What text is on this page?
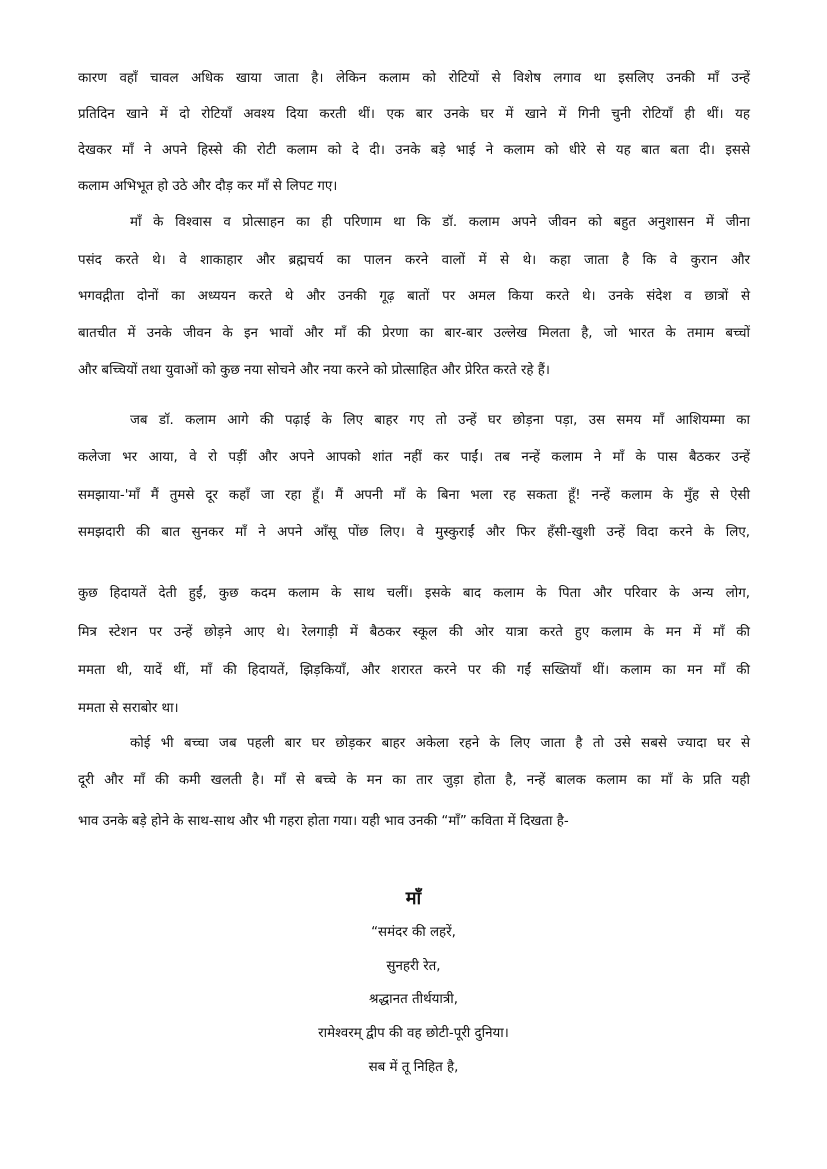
कारण वहाँ चावल अधिक खाया जाता है। लेकिन कलाम को रोटियों से विशेष लगाव था इसलिए उनकी माँ उन्हें
प्रतिदिन खाने में दो रोटियाँ अवश्य दिया करती थीं। एक बार उनके घर में खाने में गिनी चुनी रोटियाँ ही थीं। यह
देखकर माँ ने अपने हिस्से की रोटी कलाम को दे दी। उनके बड़े भाई ने कलाम को धीरे से यह बात बता दी। इससे
कलाम अभिभूत हो उठे और दौड़ कर माँ से लिपट गए।
माँ के विश्वास व प्रोत्साहन का ही परिणाम था कि डॉ. कलाम अपने जीवन को बहुत अनुशासन में जीना
पसंद करते थे। वे शाकाहार और ब्रह्मचर्य का पालन करने वालों में से थे। कहा जाता है कि वे कुरान और
भगवद्गीता दोनों का अध्ययन करते थे और उनकी गूढ़ बातों पर अमल किया करते थे। उनके संदेश व छात्रों से
बातचीत में उनके जीवन के इन भावों और माँ की प्रेरणा का बार-बार उल्लेख मिलता है, जो भारत के तमाम बच्चों
और बच्चियों तथा युवाओं को कुछ नया सोचने और नया करने को प्रोत्साहित और प्रेरित करते रहे हैं।
जब डॉ. कलाम आगे की पढ़ाई के लिए बाहर गए तो उन्हें घर छोड़ना पड़ा, उस समय माँ आशियम्मा का
कलेजा भर आया, वे रो पड़ीं और अपने आपको शांत नहीं कर पाईं। तब नन्हें कलाम ने माँ के पास बैठकर उन्हें
समझाया-'माँ मैं तुमसे दूर कहाँ जा रहा हूँ। मैं अपनी माँ के बिना भला रह सकता हूँ! नन्हें कलाम के मुँह से ऐसी
समझदारी की बात सुनकर माँ ने अपने आँसू पोंछ लिए। वे मुस्कुराईं और फिर हँसी-खुशी उन्हें विदा करने के लिए,
कुछ हिदायतें देती हुईं, कुछ कदम कलाम के साथ चलीं। इसके बाद कलाम के पिता और परिवार के अन्य लोग,
मित्र स्टेशन पर उन्हें छोड़ने आए थे। रेलगाड़ी में बैठकर स्कूल की ओर यात्रा करते हुए कलाम के मन में माँ की
ममता थी, यादें थीं, माँ की हिदायतें, झिड़कियाँ, और शरारत करने पर की गईं सख्तियाँ थीं। कलाम का मन माँ की
ममता से सराबोर था।
कोई भी बच्चा जब पहली बार घर छोड़कर बाहर अकेला रहने के लिए जाता है तो उसे सबसे ज्यादा घर से
दूरी और माँ की कमी खलती है। माँ से बच्चे के मन का तार जुड़ा होता है, नन्हें बालक कलाम का माँ के प्रति यही
भाव उनके बड़े होने के साथ-साथ और भी गहरा होता गया। यही भाव उनकी “माँ” कविता में दिखता है-
माँ
“समंदर की लहरें,
सुनहरी रेत,
श्रद्धानत तीर्थयात्री,
रामेश्वरम् द्वीप की वह छोटी-पूरी दुनिया।
सब में तू निहित है,
